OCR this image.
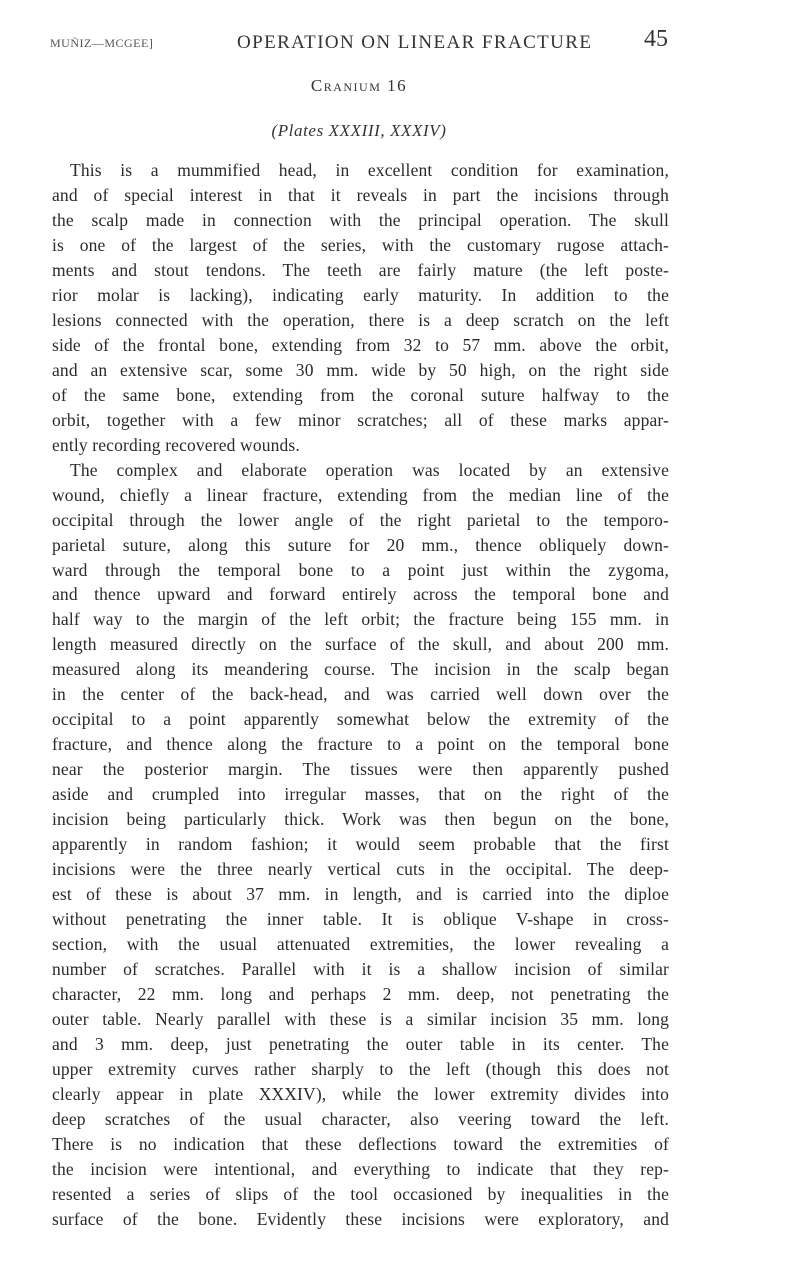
MUÑIZ—MCGEE]	OPERATION ON LINEAR FRACTURE 45
Cranium 16
(Plates XXXIII, XXXIV)
This is a mummified head, in excellent condition for examination,
and of special interest in that it reveals in part the incisions through
the scalp made in connection with the principal operation. The skull
is one of the largest of the series, with the customary rugose attach-
ments and stout tendons. The teeth are fairly mature (the left poste-
rior molar is lacking), indicating early maturity. In addition to the
lesions connected with the operation, there is a deep scratch on the left
side of the frontal bone, extending from 32 to 57 mm. above the orbit,
and an extensive scar, some 30 mm. wide by 50 high, on the right side
of the same bone, extending from the coronal suture halfway to the
orbit, together with a few minor scratches; all of these marks appar-
ently recording recovered wounds.
The complex and elaborate operation was located by an extensive
wound, chiefly a linear fracture, extending from the median line of the
occipital through the lower angle of the right parietal to the temporo-
parietal suture, along this suture for 20 mm., thence obliquely down-
ward through the temporal bone to a point just within the zygoma,
and thence upward and forward entirely across the temporal bone and
half way to the margin of the left orbit; the fracture being 155 mm. in
length measured directly on the surface of the skull, and about 200 mm.
measured along its meandering course. The incision in the scalp began
in the center of the back-head, and was carried well down over the
occipital to a point apparently somewhat below the extremity of the
fracture, and thence along the fracture to a point on the temporal bone
near the posterior margin. The tissues were then apparently pushed
aside and crumpled into irregular masses, that on the right of the
incision being particularly thick. Work was then begun on the bone,
apparently in random fashion; it would seem probable that the first
incisions were the three nearly vertical cuts in the occipital. The deep-
est of these is about 37 mm. in length, and is carried into the diploe
without penetrating the inner table. It is oblique V-shape in cross-
section, with the usual attenuated extremities, the lower revealing a
number of scratches. Parallel with it is a shallow incision of similar
character, 22 mm. long and perhaps 2 mm. deep, not penetrating the
outer table. Nearly parallel with these is a similar incision 35 mm. long
and 3 mm. deep, just penetrating the outer table in its center. The
upper extremity curves rather sharply to the left (though this does not
clearly appear in plate XXXIV), while the lower extremity divides into
deep scratches of the usual character, also veering toward the left.
There is no indication that these deflections toward the extremities of
the incision were intentional, and everything to indicate that they rep-
resented a series of slips of the tool occasioned by inequalities in the
surface of the bone. Evidently these incisions were exploratory, and
